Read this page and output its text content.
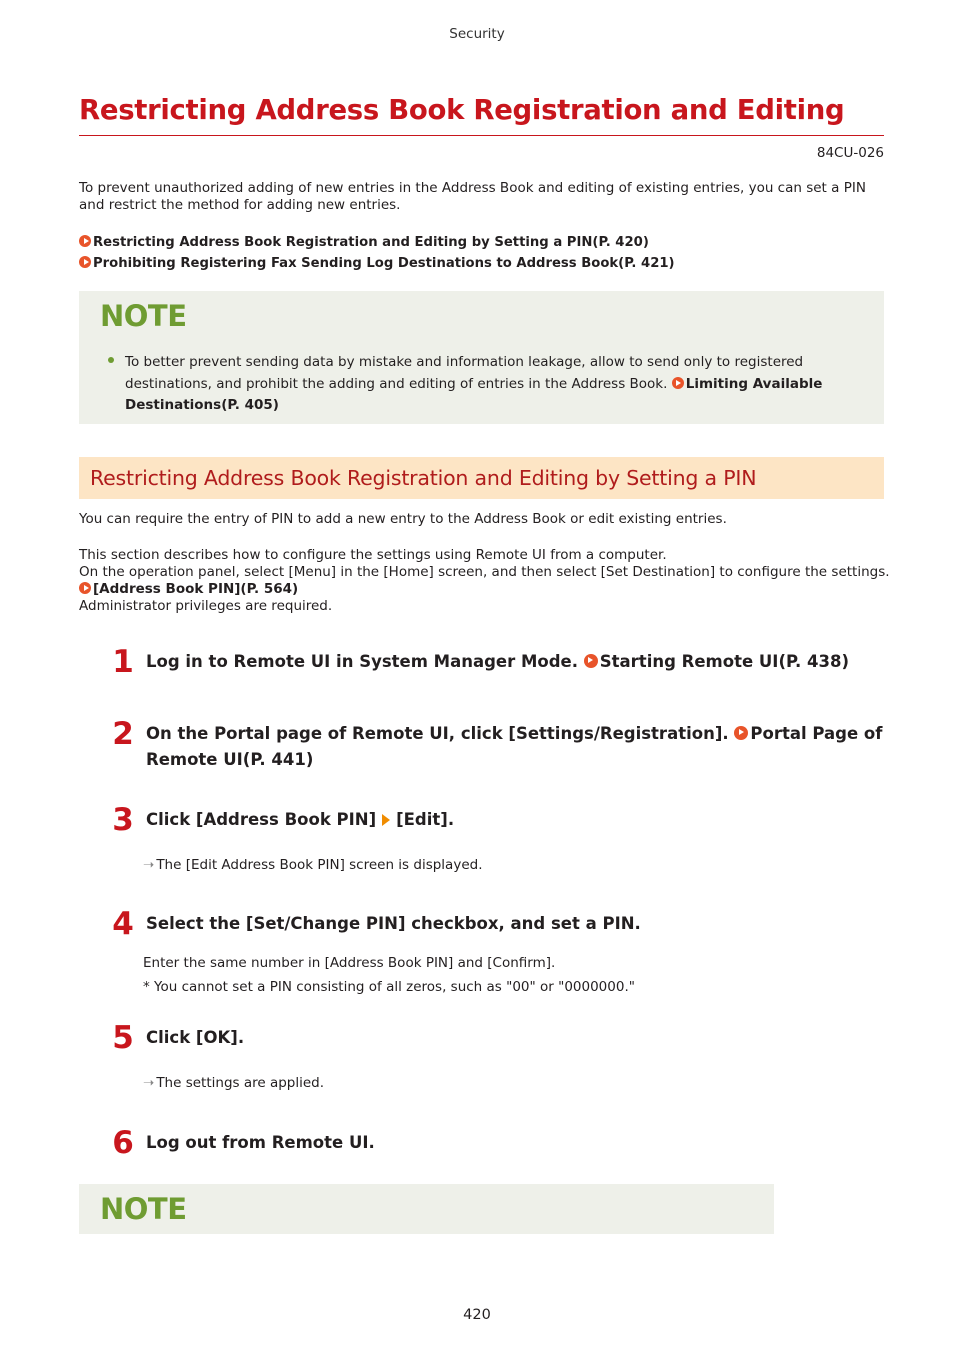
Security
Restricting Address Book Registration and Editing
84CU-026
To prevent unauthorized adding of new entries in the Address Book and editing of existing entries, you can set a PIN
and restrict the method for adding new entries.
Restricting Address Book Registration and Editing by Setting a PIN(P. 420)
Prohibiting Registering Fax Sending Log Destinations to Address Book(P. 421)
NOTE
To better prevent sending data by mistake and information leakage, allow to send only to registered
destinations, and prohibit the adding and editing of entries in the Address Book. Limiting Available
Destinations(P. 405)
Restricting Address Book Registration and Editing by Setting a PIN
You can require the entry of PIN to add a new entry to the Address Book or edit existing entries.
This section describes how to configure the settings using Remote UI from a computer.
On the operation panel, select [Menu] in the [Home] screen, and then select [Set Destination] to configure the settings.
[Address Book PIN](P. 564)
Administrator privileges are required.
1 Log in to Remote UI in System Manager Mode. Starting Remote UI(P. 438)
2 On the Portal page of Remote UI, click [Settings/Registration]. Portal Page of
Remote UI(P. 441)
3 Click [Address Book PIN] [Edit].
➝ The [Edit Address Book PIN] screen is displayed.
4 Select the [Set/Change PIN] checkbox, and set a PIN.
Enter the same number in [Address Book PIN] and [Confirm].
* You cannot set a PIN consisting of all zeros, such as "00" or "0000000."
5 Click [OK].
➝ The settings are applied.
6 Log out from Remote UI.
NOTE
420
